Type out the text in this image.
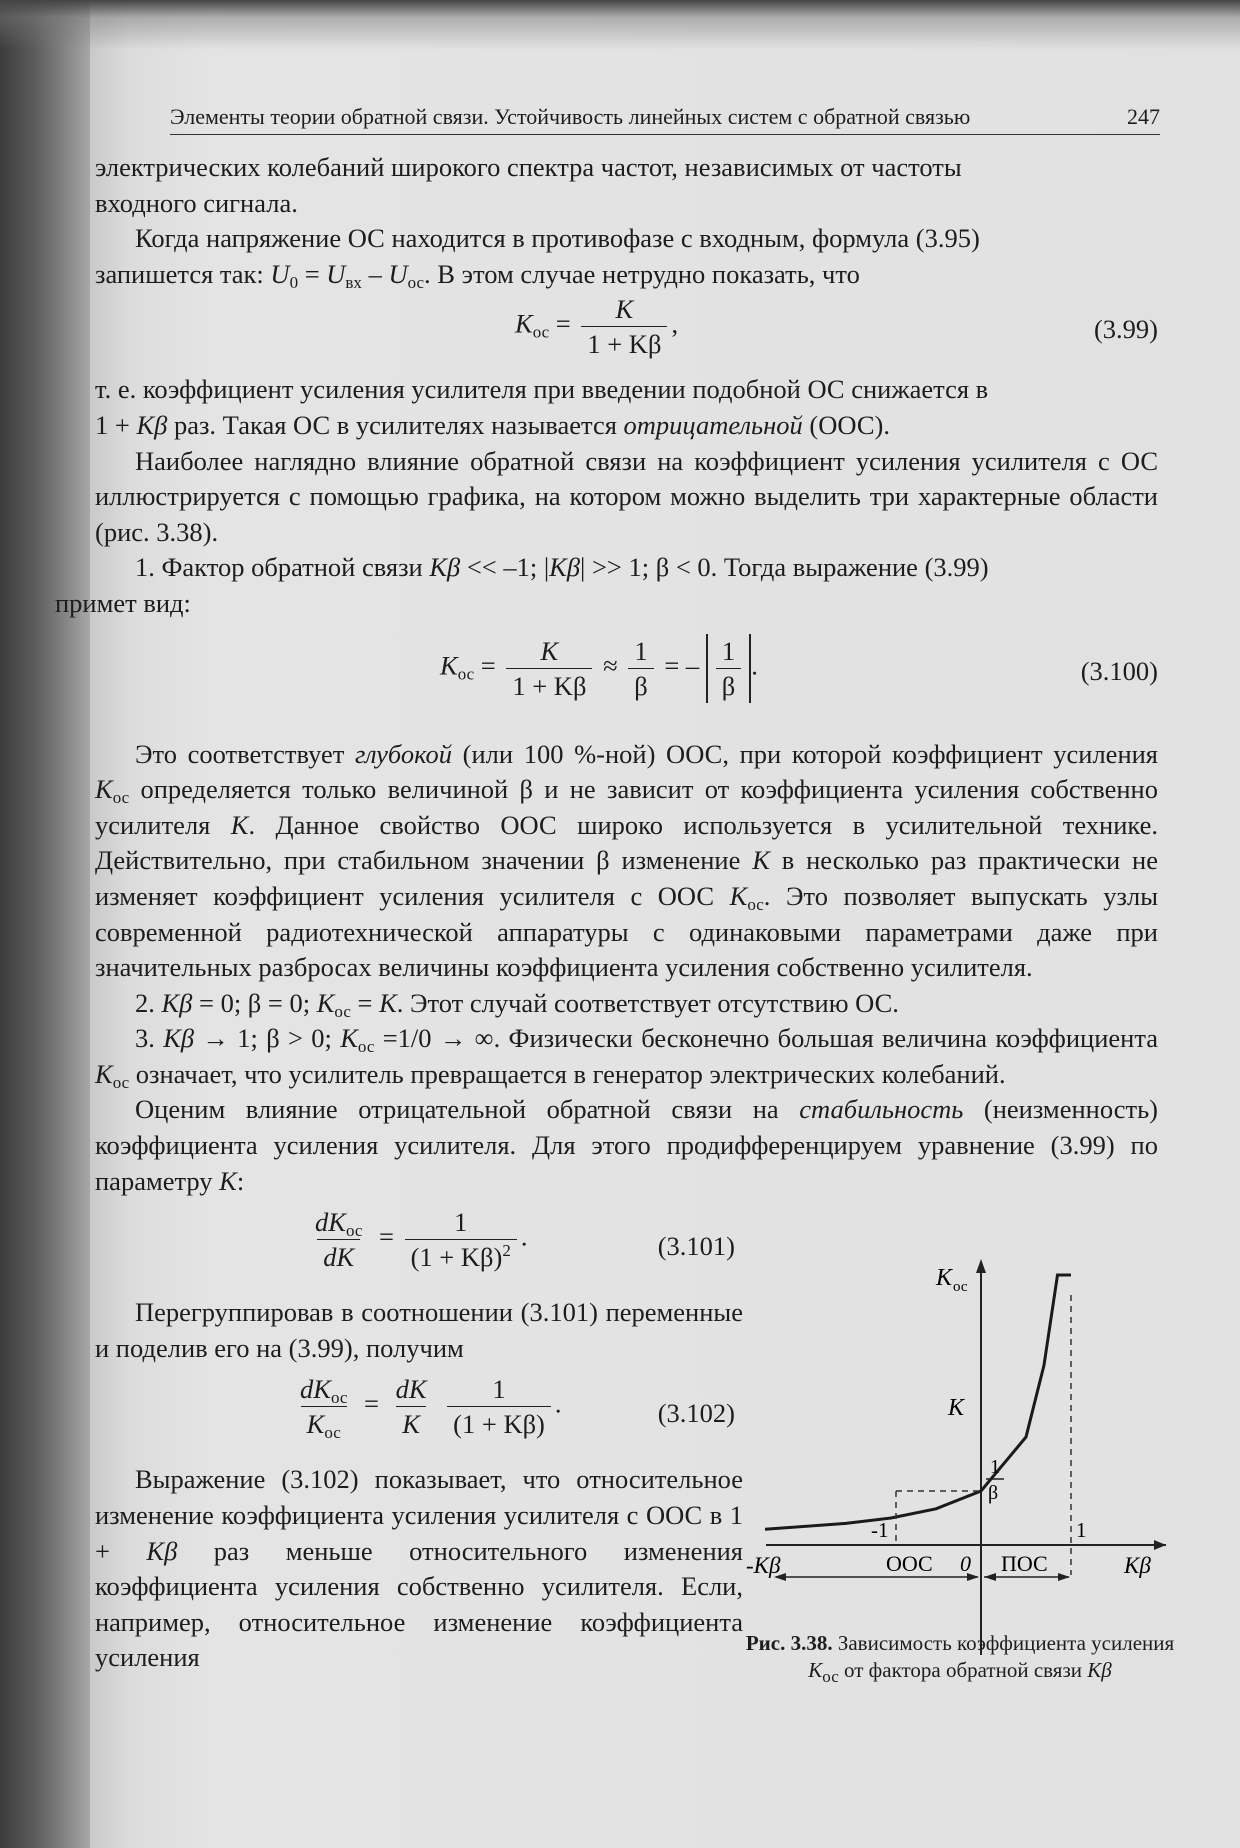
Элементы теории обратной связи. Устойчивость линейных систем с обратной связью	247

электрических колебаний широкого спектра частот, независимых от частоты
входного сигнала.

Когда напряжение ОС находится в противофазе с входным, формула (3.95)
запишется так: $U_0 = U_{вх} - U_{ос}$. В этом случае нетрудно показать, что

$K_{ос} = \frac{K}{1 + K\beta}$ ,	(3.99)

т. е. коэффициент усиления усилителя при введении подобной ОС снижается в
1 + Kβ раз. Такая ОС в усилителях называется отрицательной (ООС).

Наиболее наглядно влияние обратной связи на коэффициент усиления усилителя с ОС иллюстрируется с помощью графика, на котором можно выделить три характерные области (рис. 3.38).

1. Фактор обратной связи Kβ << –1; |Kβ| >> 1; β < 0. Тогда выражение (3.99)
примет вид:

$K_{ос} = \frac{K}{1 + K\beta} \approx \frac{1}{\beta}$ = – $\frac{1}{\beta}$ .	(3.100)

Это соответствует глубокой (или 100 %-ной) ООС, при которой коэффициент усиления $K_{ос}$ определяется только величиной β и не зависит от коэффициента усиления собственно усилителя K. Данное свойство ООС широко используется в усилительной технике. Действительно, при стабильном значении β изменение K в несколько раз практически не изменяет коэффициент усиления усилителя с ООС $K_{ос}$. Это позволяет выпускать узлы современной радиотехнической аппаратуры с одинаковыми параметрами даже при значительных разбросах величины коэффициента усиления собственно усилителя.

2. Kβ = 0; β = 0; $K_{ос} = K$. Этот случай соответствует отсутствию ОС.

3. Kβ → 1; β > 0; $K_{ос} =1/0$ → ∞. Физически бесконечно большая величина коэффициента $K_{ос}$ означает, что усилитель превращается в генератор электрических колебаний.

Оценим влияние отрицательной обратной связи на стабильность (неизменность) коэффициента усиления усилителя. Для этого продифференцируем уравнение (3.99) по параметру K:

$\frac{dK_{ос}}{dK} = \frac{1}{(1 + K\beta)^2}$ .	(3.101)

Перегруппировав в соотношении (3.101) переменные и поделив его на (3.99), получим

$\frac{dK_{ос}}{K_{ос}} = \frac{dK}{K}$
$\frac{1}{(1 + K\beta)}$ .	(3.102)

Выражение (3.102) показывает, что относительное изменение коэффициента усиления усилителя с ООС в 1 + Kβ раз меньше относительного изменения коэффициента усиления собственно усилителя. Если, например, относительное изменение коэффициента усиления

K ос
K
1
β
-1	1
-Kβ	Kβ
ООС 0 ПОС
Рис. 3.38. Зависимость коэффициента усиления $K_{ос}$ от фактора обратной связи Kβ
